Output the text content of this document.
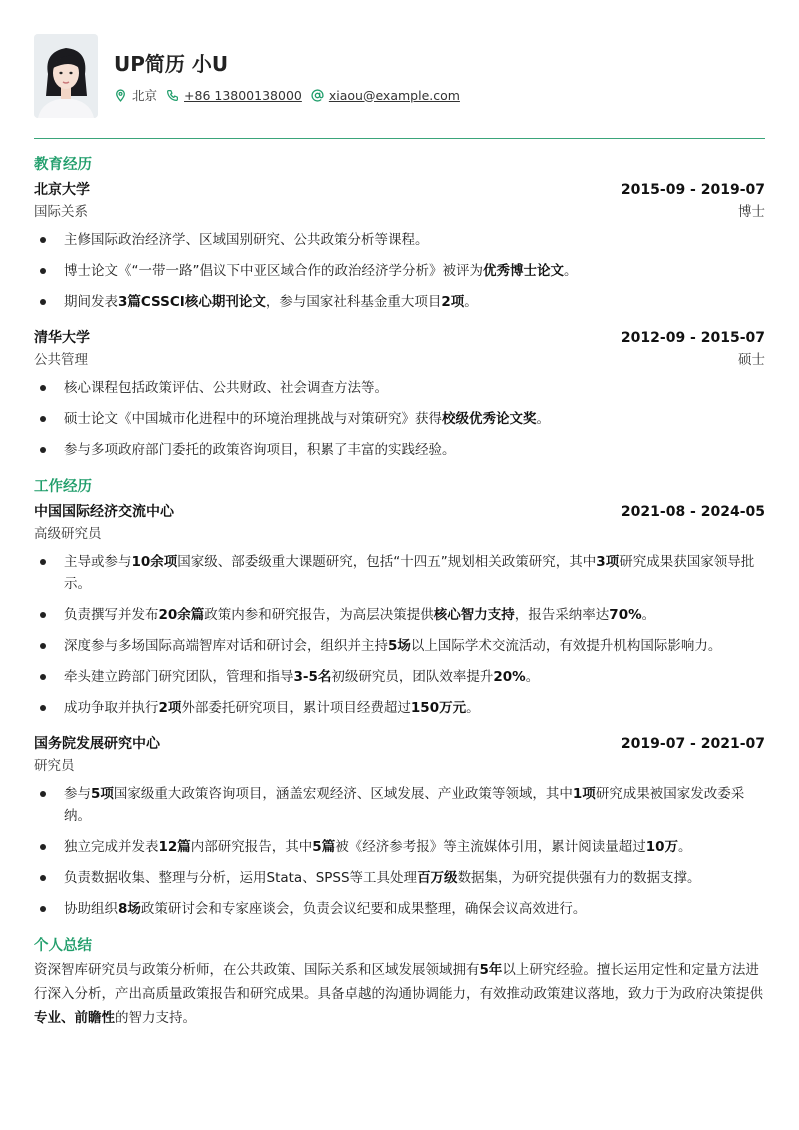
UP简历 小U
北京 +86 13800138000 xiaou@example.com
教育经历
北京大学	2015-09 - 2019-07
国际关系	博士
主修国际政治经济学、区域国别研究、公共政策分析等课程。
博士论文《“一带一路”倡议下中亚区域合作的政治经济学分析》被评为优秀博士论文。
期间发表3篇CSSCI核心期刊论文，参与国家社科基金重大项目2项。
清华大学	2012-09 - 2015-07
公共管理	硕士
核心课程包括政策评估、公共财政、社会调查方法等。
硕士论文《中国城市化进程中的环境治理挑战与对策研究》获得校级优秀论文奖。
参与多项政府部门委托的政策咨询项目，积累了丰富的实践经验。
工作经历
中国国际经济交流中心	2021-08 - 2024-05
高级研究员
主导或参与10余项国家级、部委级重大课题研究，包括“十四五”规划相关政策研究，其中3项研究成果获国家领导批示。
负责撰写并发布20余篇政策内参和研究报告，为高层决策提供核心智力支持，报告采纳率达70%。
深度参与多场国际高端智库对话和研讨会，组织并主持5场以上国际学术交流活动，有效提升机构国际影响力。
牵头建立跨部门研究团队，管理和指导3-5名初级研究员，团队效率提升20%。
成功争取并执行2项外部委托研究项目，累计项目经费超过150万元。
国务院发展研究中心	2019-07 - 2021-07
研究员
参与5项国家级重大政策咨询项目，涵盖宏观经济、区域发展、产业政策等领域，其中1项研究成果被国家发改委采纳。
独立完成并发表12篇内部研究报告，其中5篇被《经济参考报》等主流媒体引用，累计阅读量超过10万。
负责数据收集、整理与分析，运用Stata、SPSS等工具处理百万级数据集，为研究提供强有力的数据支撑。
协助组织8场政策研讨会和专家座谈会，负责会议纪要和成果整理，确保会议高效进行。
个人总结
资深智库研究员与政策分析师，在公共政策、国际关系和区域发展领域拥有5年以上研究经验。擅长运用定性和定量方法进行深入分析，产出高质量政策报告和研究成果。具备卓越的沟通协调能力，有效推动政策建议落地，致力于为政府决策提供专业、前瞻性的智力支持。
